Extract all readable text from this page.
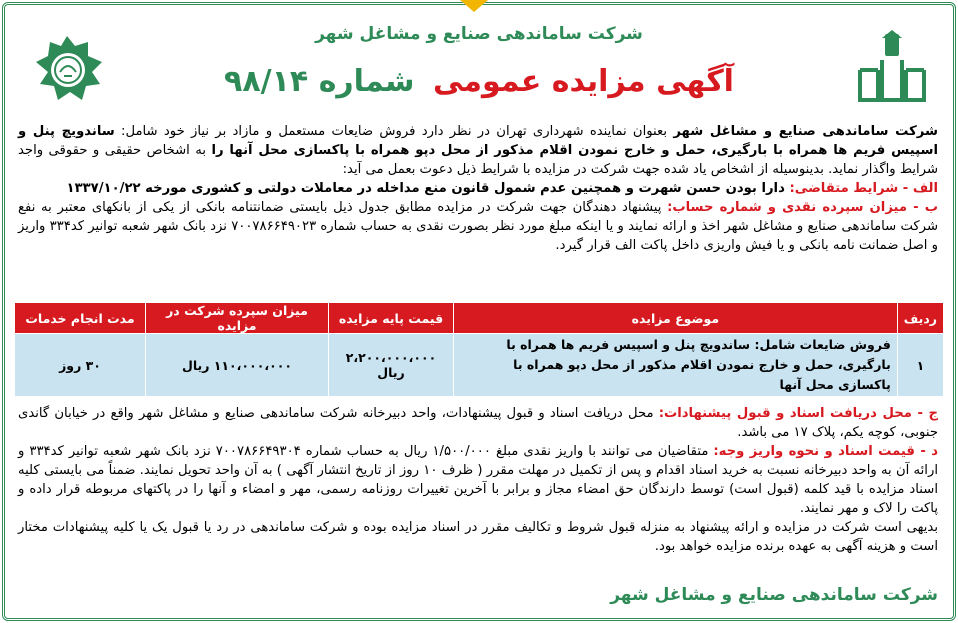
شرکت ساماندهی صنایع و مشاغل شهر
آگهی مزایده عمومی شماره ۹۸/۱۴

شرکت ساماندهی صنایع و مشاغل شهر بعنوان نماینده شهرداری تهران در نظر دارد فروش ضایعات مستعمل و مازاد بر نیاز خود شامل: ساندویچ پنل و اسپیس فریم ها همراه با بارگیری، حمل و خارج نمودن اقلام مذکور از محل دپو همراه با پاکسازی محل آنها را به اشخاص حقیقی و حقوقی واجد شرایط واگذار نماید. بدینوسیله از اشخاص یاد شده جهت شرکت در مزایده با شرایط ذیل دعوت بعمل می آید:

الف - شرایط متقاضی: دارا بودن حسن شهرت و همچنین عدم شمول قانون منع مداخله در معاملات دولتی و کشوری مورخه ۱۳۳۷/۱۰/۲۲

ب - میزان سپرده نقدی و شماره حساب: پیشنهاد دهندگان جهت شرکت در مزایده مطابق جدول ذیل بایستی ضمانتنامه بانکی از یکی از بانکهای معتبر به نفع شرکت ساماندهی صنایع و مشاغل شهر اخذ و ارائه نمایند و یا اینکه مبلغ مورد نظر بصورت نقدی به حساب شماره ۷۰۰۷۸۶۶۴۹۰۲۳ نزد بانک شهر شعبه توانیر کد۳۳۴ واریز و اصل ضمانت نامه بانکی و یا فیش واریزی داخل پاکت الف قرار گیرد.

ردیف	موضوع مزایده	قیمت پایه مزایده	میزان سپرده شرکت در مزایده	مدت انجام خدمات
۱	فروش ضایعات شامل: ساندویچ پنل و اسپیس فریم ها همراه با بارگیری، حمل و خارج نمودن اقلام مذکور از محل دپو همراه با پاکسازی محل آنها	۲،۲۰۰،۰۰۰،۰۰۰ ریال	۱۱۰،۰۰۰،۰۰۰ ریال	۳۰ روز

ج - محل دریافت اسناد و قبول پیشنهادات: محل دریافت اسناد و قبول پیشنهادات، واحد دبیرخانه شرکت ساماندهی صنایع و مشاغل شهر واقع در خیابان گاندی جنوبی، کوچه یکم، پلاک ۱۷ می باشد.

د - قیمت اسناد و نحوه واریز وجه: متقاضیان می توانند با واریز نقدی مبلغ ۱/۵۰۰/۰۰۰ ریال به حساب شماره ۷۰۰۷۸۶۶۴۹۳۰۴ نزد بانک شهر شعبه توانیر کد۳۳۴ و ارائه آن به واحد دبیرخانه نسبت به خرید اسناد اقدام و پس از تکمیل در مهلت مقرر ( ظرف ۱۰ روز از تاریخ انتشار آگهی ) به آن واحد تحویل نمایند. ضمناً می بایستی کلیه اسناد مزایده با قید کلمه (قبول است) توسط دارندگان حق امضاء مجاز و برابر با آخرین تغییرات روزنامه رسمی، مهر و امضاء و آنها را در پاکتهای مربوطه قرار داده و پاکت را لاک و مهر نمایند.

بدیهی است شرکت در مزایده و ارائه پیشنهاد به منزله قبول شروط و تکالیف مقرر در اسناد مزایده بوده و شرکت ساماندهی در رد یا قبول یک یا کلیه پیشنهادات مختار است و هزینه آگهی به عهده برنده مزایده خواهد بود.

شرکت ساماندهی صنایع و مشاغل شهر
